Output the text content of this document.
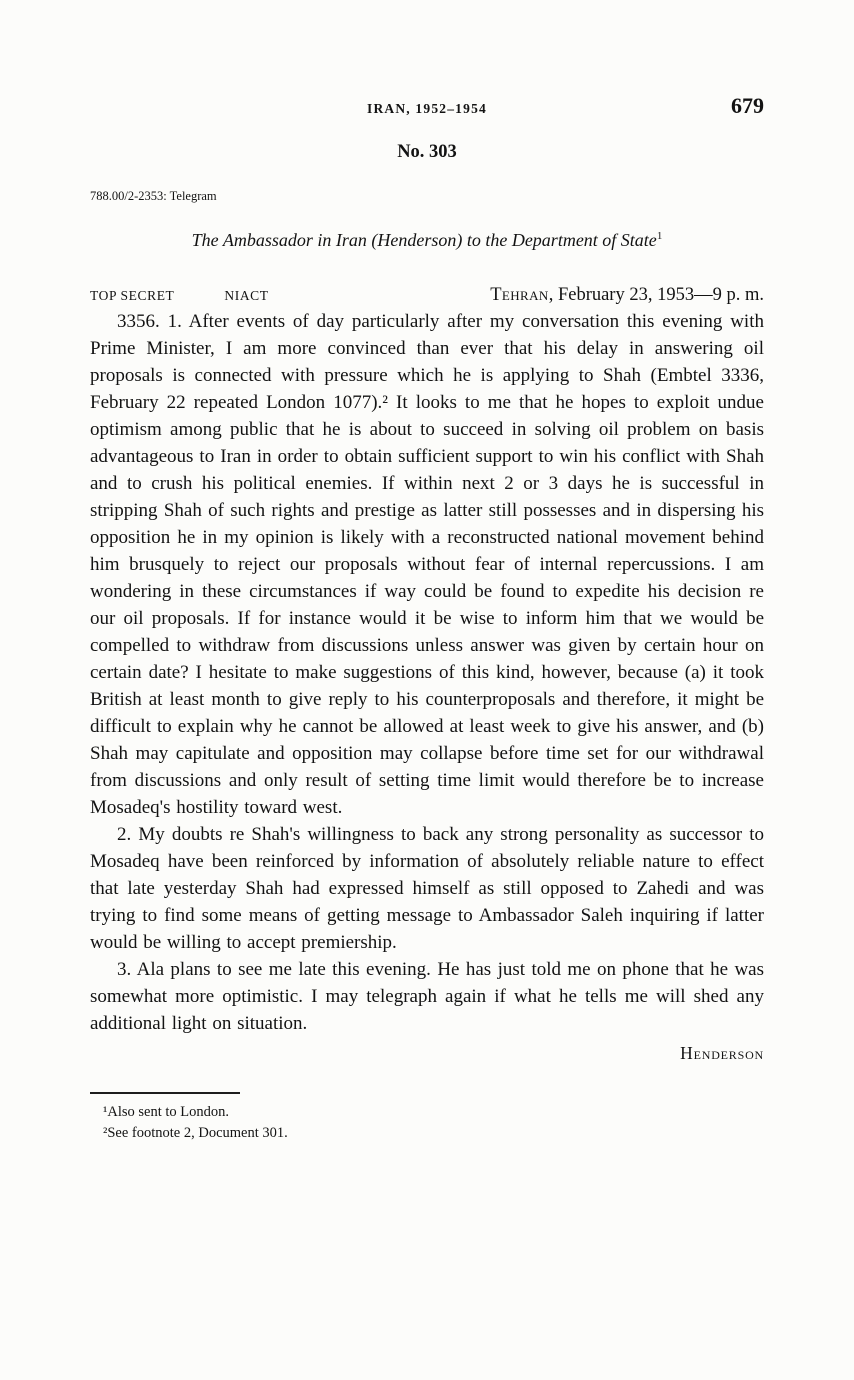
IRAN, 1952–1954	679
No. 303
788.00/2-2353: Telegram
The Ambassador in Iran (Henderson) to the Department of State$^1$
TOP SECRET	NIACT	Tehran, February 23, 1953—9 p. m.

3356. 1. After events of day particularly after my conversation this evening with Prime Minister, I am more convinced than ever that his delay in answering oil proposals is connected with pressure which he is applying to Shah (Embtel 3336, February 22 repeated London 1077).² It looks to me that he hopes to exploit undue optimism among public that he is about to succeed in solving oil problem on basis advantageous to Iran in order to obtain sufficient support to win his conflict with Shah and to crush his political enemies. If within next 2 or 3 days he is successful in stripping Shah of such rights and prestige as latter still possesses and in dispersing his opposition he in my opinion is likely with a reconstructed national movement behind him brusquely to reject our proposals without fear of internal repercussions. I am wondering in these circumstances if way could be found to expedite his decision re our oil proposals. If for instance would it be wise to inform him that we would be compelled to withdraw from discussions unless answer was given by certain hour on certain date? I hesitate to make suggestions of this kind, however, because (a) it took British at least month to give reply to his counterproposals and therefore, it might be difficult to explain why he cannot be allowed at least week to give his answer, and (b) Shah may capitulate and opposition may collapse before time set for our withdrawal from discussions and only result of setting time limit would therefore be to increase Mosadeq's hostility toward west.

2. My doubts re Shah's willingness to back any strong personality as successor to Mosadeq have been reinforced by information of absolutely reliable nature to effect that late yesterday Shah had expressed himself as still opposed to Zahedi and was trying to find some means of getting message to Ambassador Saleh inquiring if latter would be willing to accept premiership.

3. Ala plans to see me late this evening. He has just told me on phone that he was somewhat more optimistic. I may telegraph again if what he tells me will shed any additional light on situation.

Henderson

¹Also sent to London.

²See footnote 2, Document 301.
